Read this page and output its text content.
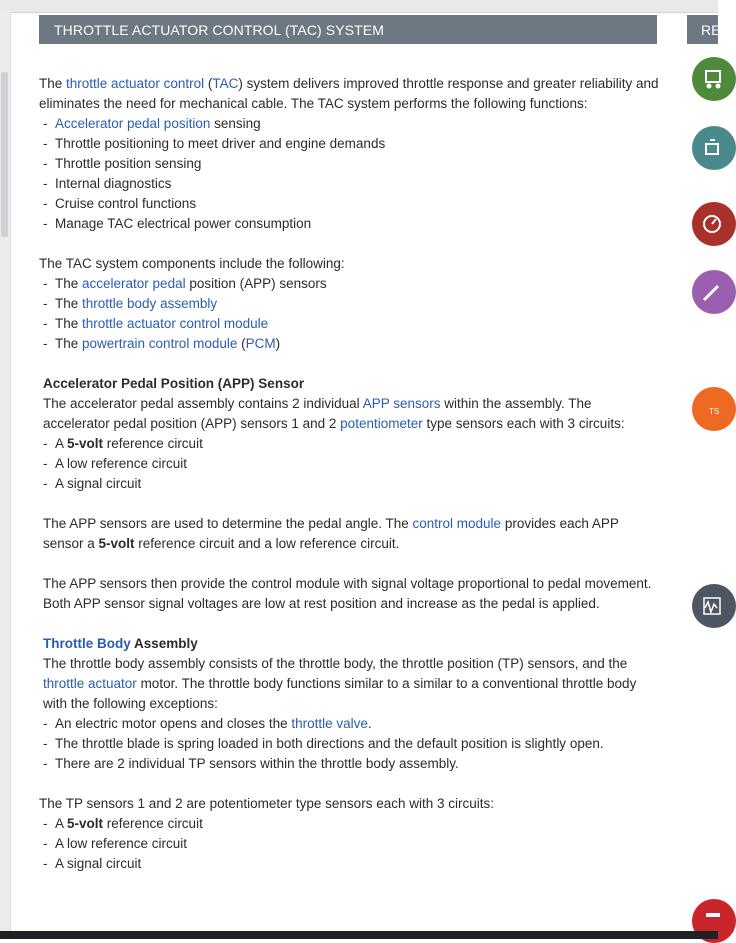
THROTTLE ACTUATOR CONTROL (TAC) SYSTEM	RE

The throttle actuator control (TAC) system delivers improved throttle response and greater reliability and eliminates the need for mechanical cable. The TAC system performs the following functions:

-  Accelerator pedal position sensing

-  Throttle positioning to meet driver and engine demands

-  Throttle position sensing

-  Internal diagnostics

-  Cruise control functions

-  Manage TAC electrical power consumption

The TAC system components include the following:

-  The accelerator pedal position (APP) sensors

-  The throttle body assembly

-  The throttle actuator control module

-  The powertrain control module (PCM)

Accelerator Pedal Position (APP) Sensor

The accelerator pedal assembly contains 2 individual APP sensors within the assembly. The accelerator pedal position (APP) sensors 1 and 2 potentiometer type sensors each with 3 circuits:

-  A 5-volt reference circuit

-  A low reference circuit

-  A signal circuit

The APP sensors are used to determine the pedal angle. The control module provides each APP sensor a 5-volt reference circuit and a low reference circuit.

The APP sensors then provide the control module with signal voltage proportional to pedal movement. Both APP sensor signal voltages are low at rest position and increase as the pedal is applied.

Throttle Body Assembly

The throttle body assembly consists of the throttle body, the throttle position (TP) sensors, and the throttle actuator motor. The throttle body functions similar to a similar to a conventional throttle body with the following exceptions:

-  An electric motor opens and closes the throttle valve.

-  The throttle blade is spring loaded in both directions and the default position is slightly open.

-  There are 2 individual TP sensors within the throttle body assembly.

The TP sensors 1 and 2 are potentiometer type sensors each with 3 circuits:

-  A 5-volt reference circuit

-  A low reference circuit

-  A signal circuit

TS
